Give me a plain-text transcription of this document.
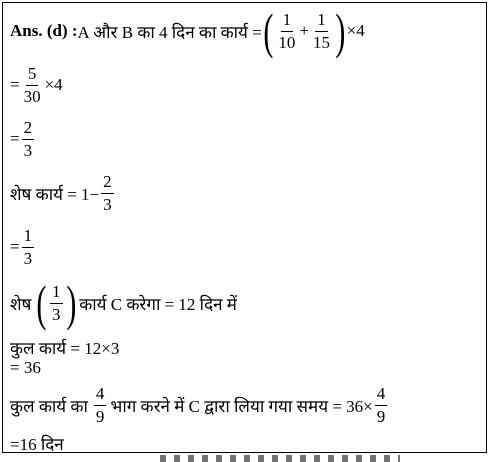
Ans. (d) : A और B का 4 दिन का कार्य = ( $\frac{1}{10} + \frac{1}{15}$ ) ×4
= $\frac{5}{30} \times 4$
= $\frac{2}{3}$
शेष कार्य = $1- \frac{2}{3}$
= $\frac{1}{3}$
शेष ( $\frac{1}{3}$ ) कार्य C करेगा = 12 दिन में
कुल कार्य = 12×3
= 36
कुल कार्य का $\frac{4}{9}$ भाग करने में C द्वारा लिया गया समय = $36\times \frac{4}{9}$
=16 दिन
